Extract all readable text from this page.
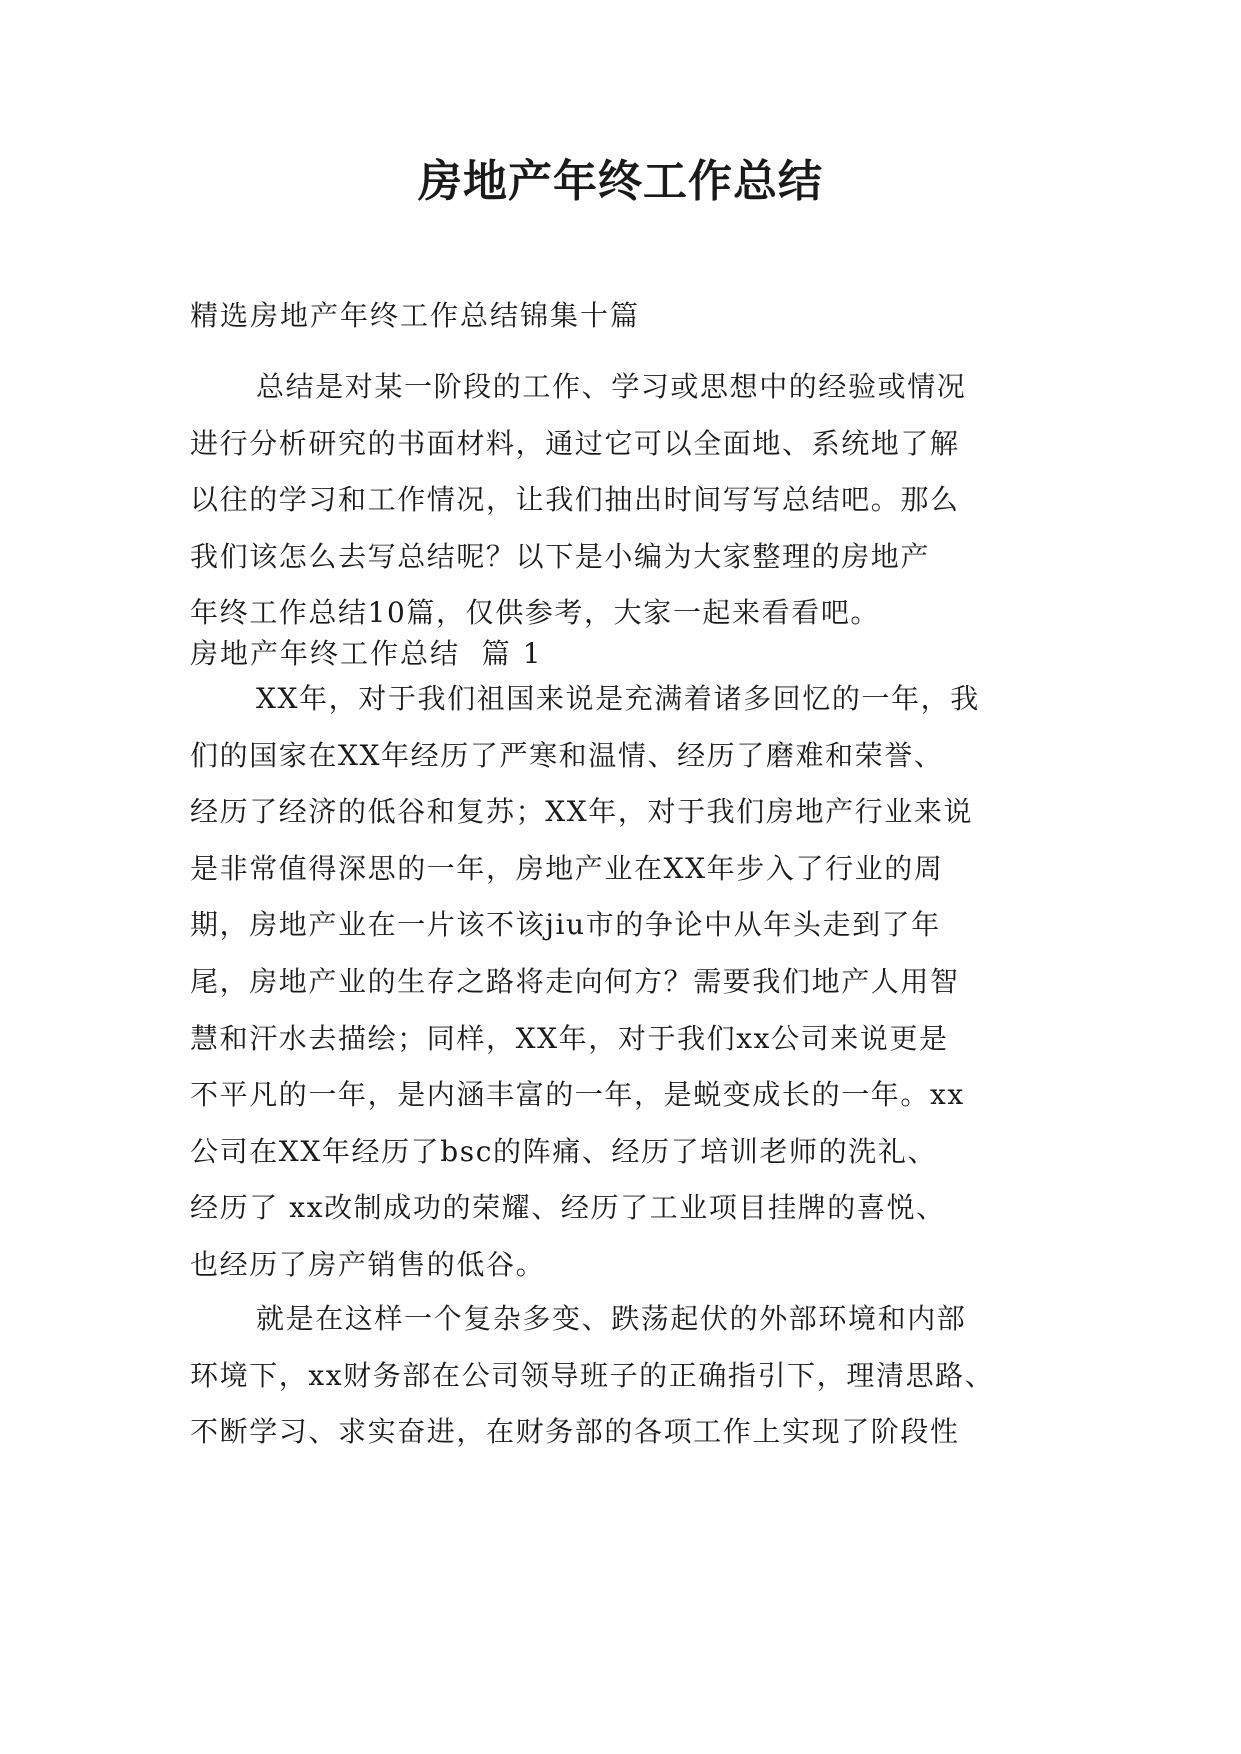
房地产年终工作总结
精选房地产年终工作总结锦集十篇
总结是对某一阶段的工作、学习或思想中的经验或情况
进行分析研究的书面材料，通过它可以全面地、系统地了解
以往的学习和工作情况，让我们抽出时间写写总结吧。那么
我们该怎么去写总结呢？以下是小编为大家整理的房地产
年终工作总结10篇，仅供参考，大家一起来看看吧。
房地产年终工作总结  篇 1
XX年，对于我们祖国来说是充满着诸多回忆的一年，我
们的国家在XX年经历了严寒和温情、经历了磨难和荣誉、
经历了经济的低谷和复苏；XX年，对于我们房地产行业来说
是非常值得深思的一年，房地产业在XX年步入了行业的周
期，房地产业在一片该不该jiu市的争论中从年头走到了年
尾，房地产业的生存之路将走向何方？需要我们地产人用智
慧和汗水去描绘；同样，XX年，对于我们xx公司来说更是
不平凡的一年，是内涵丰富的一年，是蜕变成长的一年。xx
公司在XX年经历了bsc的阵痛、经历了培训老师的洗礼、
经历了 xx改制成功的荣耀、经历了工业项目挂牌的喜悦、
也经历了房产销售的低谷。
就是在这样一个复杂多变、跌荡起伏的外部环境和内部
环境下，xx财务部在公司领导班子的正确指引下，理清思路、
不断学习、求实奋进，在财务部的各项工作上实现了阶段性
